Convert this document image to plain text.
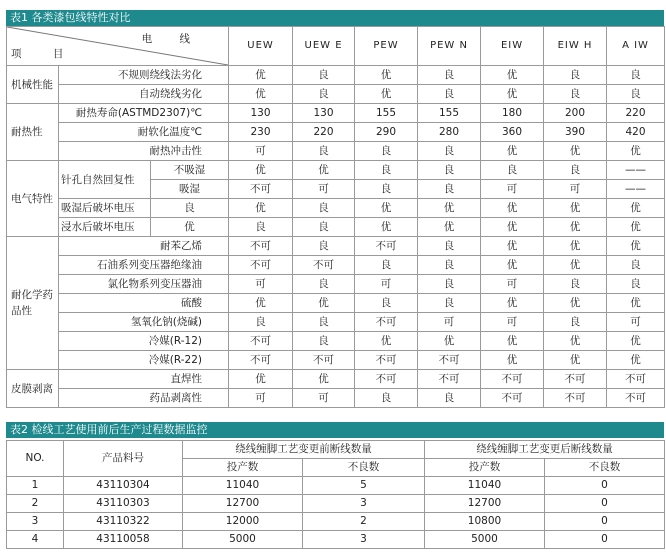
表1 各类漆包线特性对比
电 线
项 目			UEW	UEW E	PEW	PEW N	EIW	EIW H	A IW
机械性能	不规则绕线法劣化		优	良	优	良	优	良	良
	自动绕线劣化		优	良	优	良	优	良	良
耐热性	耐热寿命(ASTMD2307)℃		130	130	155	155	180	200	220
	耐软化温度℃		230	220	290	280	360	390	420
	耐热冲击性		可	良	良	良	优	优	优
电气特性	针孔自然回复性	不吸湿	优	优	良	良	良	良	——
		吸湿	不可	可	良	良	可	可	——
	吸湿后破坏电压	良	优	良	优	优	优	优	优
	浸水后破坏电压	优	良	良	优	优	优	优	优
耐化学药品性	耐苯乙烯		不可	良	不可	良	优	优	优
	石油系列变压器绝缘油		不可	不可	良	良	优	优	良
	氯化物系列变压器油		可	良	可	良	可	良	良
	硫酸		优	优	良	良	优	优	优
	氢氧化钠(烧碱)		良	良	不可	可	可	良	可
	冷媒(R-12)		不可	良	优	优	优	优	优
	冷媒(R-22)		不可	不可	不可	不可	优	优	优
皮膜剥离	直焊性		优	优	不可	不可	不可	不可	不可
	药品剥离性		可	可	良	良	不可	不可	不可
表2 检线工艺使用前后生产过程数据监控
NO.	产品料号	绕线缠脚工艺变更前断线数量		绕线缠脚工艺变更后断线数量	
		投产数	不良数	投产数	不良数
1	43110304	11040	5	11040	0
2	43110303	12700	3	12700	0
3	43110322	12000	2	10800	0
4	43110058	5000	3	5000	0
